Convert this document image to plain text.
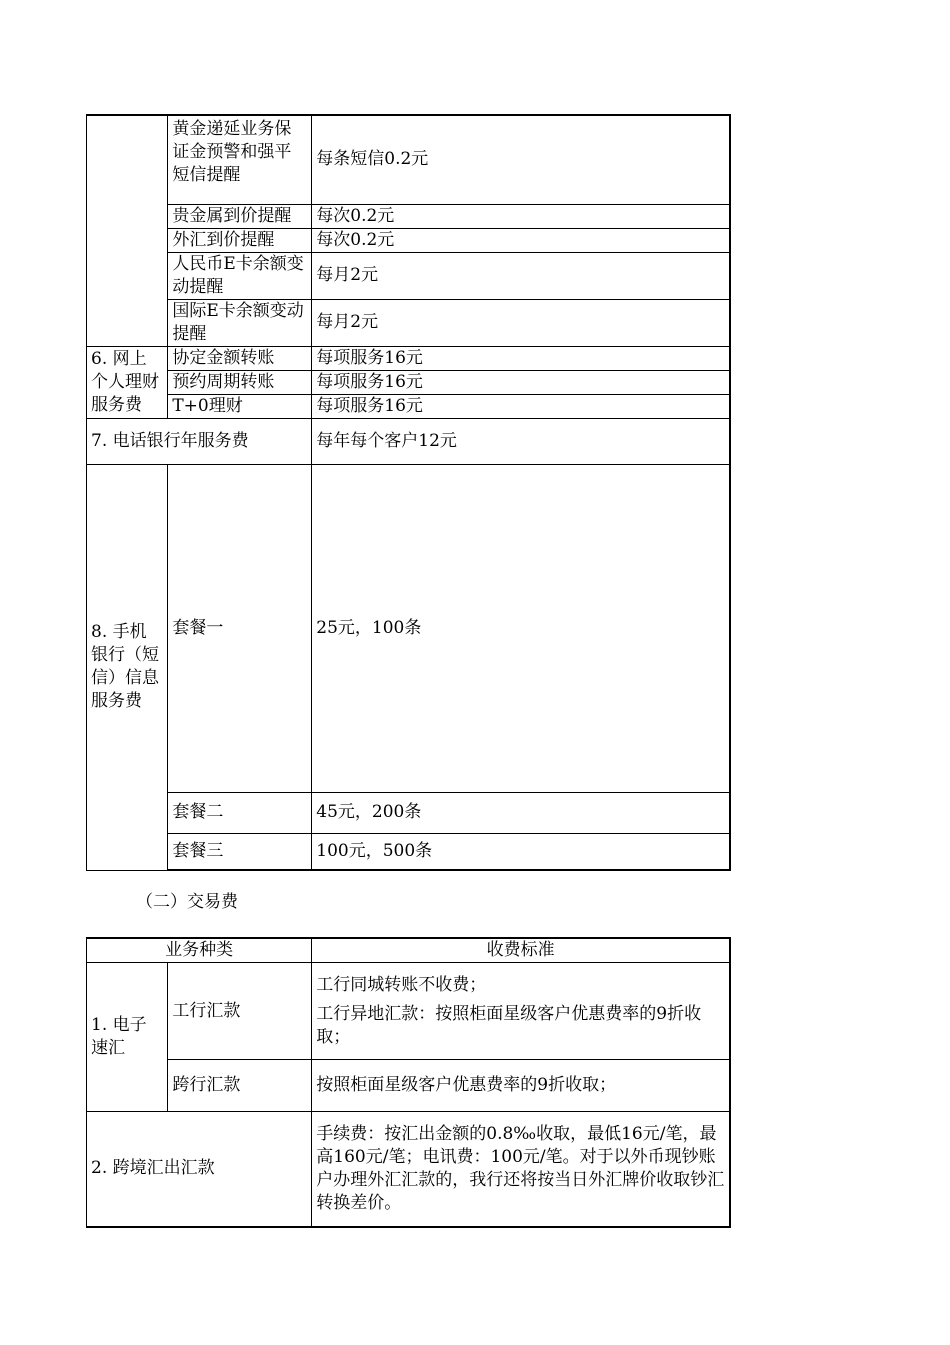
	黄金递延业务保证金预警和强平短信提醒	每条短信0.2元
	贵金属到价提醒	每次0.2元
	外汇到价提醒	每次0.2元
	人民币E卡余额变动提醒	每月2元
	国际E卡余额变动提醒	每月2元
6. 网上个人理财服务费	协定金额转账	每项服务16元
	预约周期转账	每项服务16元
	T+0理财	每项服务16元
7. 电话银行年服务费		每年每个客户12元
8. 手机银行（短信）信息服务费	套餐一	25元，100条
	套餐二	45元，200条
	套餐三	100元，500条
（二）交易费
业务种类		收费标准
1. 电子速汇	工行汇款	工行同城转账不收费；
工行异地汇款：按照柜面星级客户优惠费率的9折收取；

	跨行汇款	按照柜面星级客户优惠费率的9折收取；
2. 跨境汇出汇款		手续费：按汇出金额的0.8‰收取，最低16元/笔，最高160元/笔；电讯费：100元/笔。对于以外币现钞账户办理外汇汇款的，我行还将按当日外汇牌价收取钞汇转换差价。
